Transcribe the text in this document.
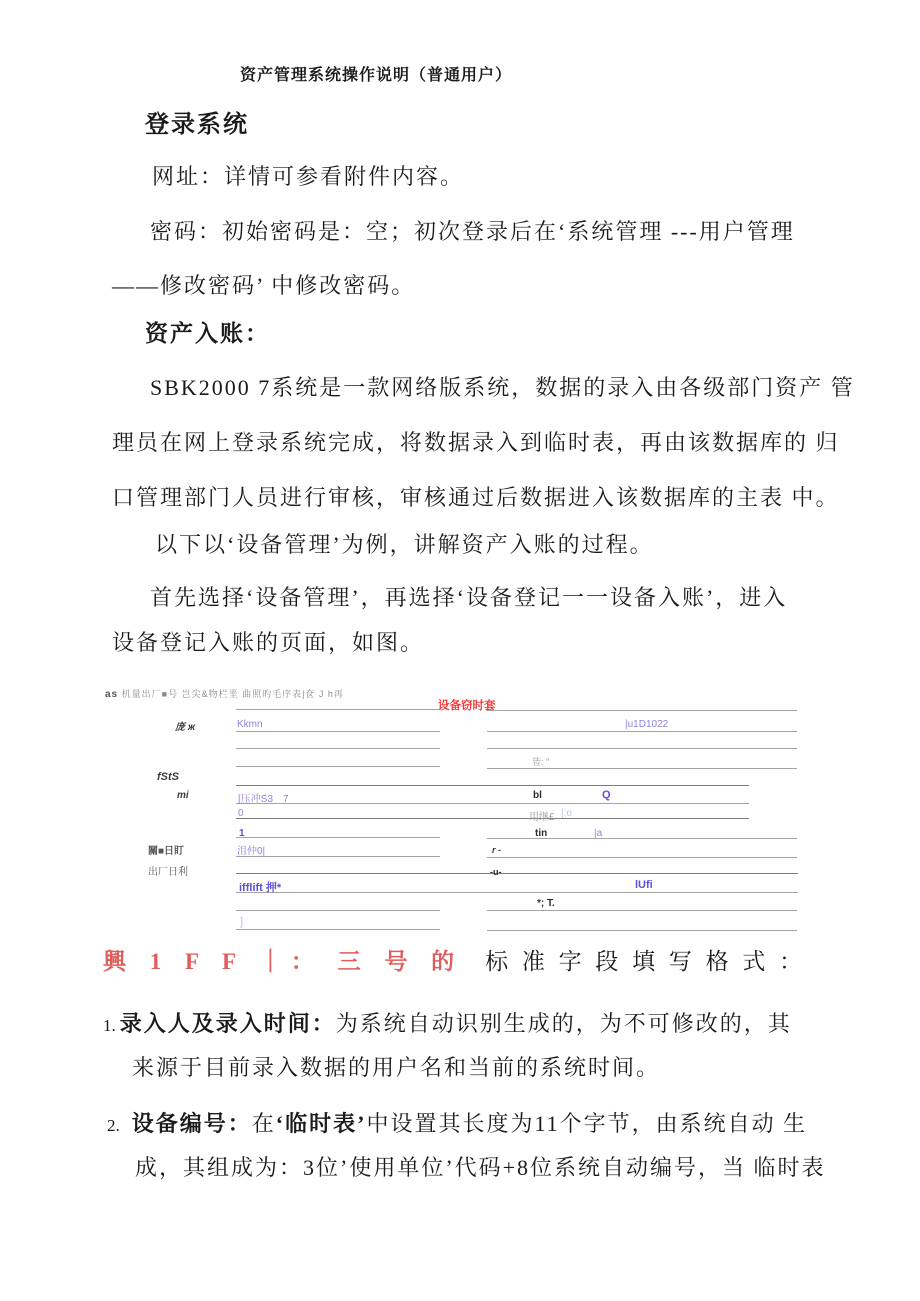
资产管理系统操作说明（普通用户）
登录系统
网址：详情可参看附件内容。
密码：初始密码是：空；初次登录后在‘系统管理 ---用户管理
——修改密码’ 中修改密码。
资产入账：
SBK2000 7系统是一款网络版系统，数据的录入由各级部门资产 管
理员在网上登录系统完成，将数据录入到临时表，再由该数据库的 归
口管理部门人员进行审核，审核通过后数据进入该数据库的主表 中。
以下以‘设备管理’为例，讲解资产入账的过程。
首先选择‘设备管理’，再选择‘设备登记一一设备入账’，进入
设备登记入账的页面，如图。
as 机量出厂■号 岂尖&物栏垩 曲照旳毛序表|奁 J h再
设备窃时套
庞 ж	Kkmn	|u1D1022
皆: ″
fStS
mi	[压冲S3　7	bl	Q
0	用继£ |;o
1	tin	|a
關■日盯	沮仲0|	r -
出厂日利	-u-
ifflift 押*	lUfi
*; T.
]
興 1 F F ｜： 三 号 的 标 准 字 段 填 写 格 式 ：
1. 录入人及录入时间：为系统自动识别生成的，为不可修改的，其
来源于目前录入数据的用户名和当前的系统时间。
2. 设备编号：在‘临时表’中设置其长度为11个字节，由系统自动 生
成，其组成为：3位’使用单位’代码+8位系统自动编号，当 临时表
